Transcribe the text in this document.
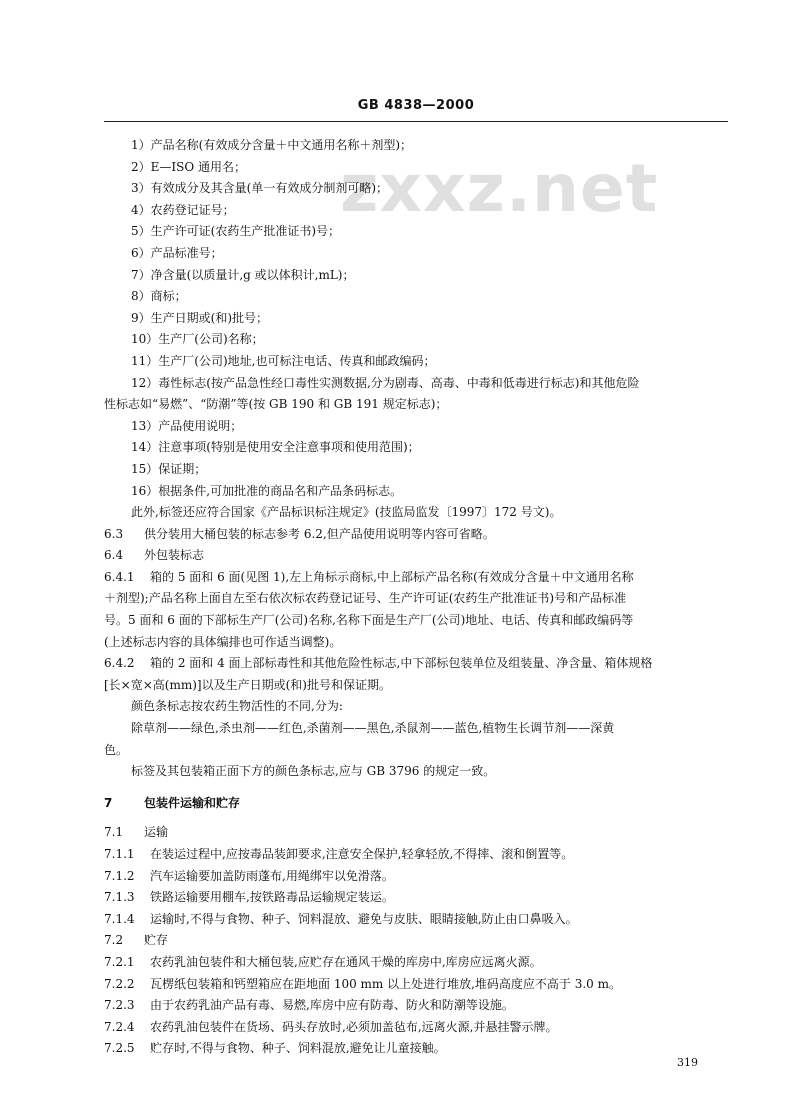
GB 4838—2000
zxxz.net
1）产品名称(有效成分含量＋中文通用名称＋剂型)；
2）E—ISO 通用名；
3）有效成分及其含量(单一有效成分制剂可略)；
4）农药登记证号；
5）生产许可证(农药生产批准证书)号；
6）产品标准号；
7）净含量(以质量计,g 或以体积计,mL)；
8）商标；
9）生产日期或(和)批号；
10）生产厂(公司)名称；
11）生产厂(公司)地址,也可标注电话、传真和邮政编码；
12）毒性标志(按产品急性经口毒性实测数据,分为剧毒、高毒、中毒和低毒进行标志)和其他危险
性标志如“易燃”、“防潮”等(按 GB 190 和 GB 191 规定标志)；
13）产品使用说明；
14）注意事项(特别是使用安全注意事项和使用范围)；
15）保证期；
16）根据条件,可加批准的商品名和产品条码标志。
此外,标签还应符合国家《产品标识标注规定》(技监局监发〔1997〕172 号文)。
6.3 供分装用大桶包装的标志参考 6.2,但产品使用说明等内容可省略。
6.4 外包装标志
6.4.1 箱的 5 面和 6 面(见图 1),左上角标示商标,中上部标产品名称(有效成分含量＋中文通用名称
＋剂型);产品名称上面自左至右依次标农药登记证号、生产许可证(农药生产批准证书)号和产品标准
号。5 面和 6 面的下部标生产厂(公司)名称,名称下面是生产厂(公司)地址、电话、传真和邮政编码等
(上述标志内容的具体编排也可作适当调整)。
6.4.2 箱的 2 面和 4 面上部标毒性和其他危险性标志,中下部标包装单位及组装量、净含量、箱体规格
[长×宽×高(mm)]以及生产日期或(和)批号和保证期。
颜色条标志按农药生物活性的不同,分为:
除草剂——绿色,杀虫剂——红色,杀菌剂——黑色,杀鼠剂——蓝色,植物生长调节剂——深黄
色。
标签及其包装箱正面下方的颜色条标志,应与 GB 3796 的规定一致。
7	包装件运输和贮存
7.1 运输
7.1.1 在装运过程中,应按毒品装卸要求,注意安全保护,轻拿轻放,不得摔、滚和倒置等。
7.1.2 汽车运输要加盖防雨蓬布,用绳绑牢以免滑落。
7.1.3 铁路运输要用棚车,按铁路毒品运输规定装运。
7.1.4 运输时,不得与食物、种子、饲料混放、避免与皮肤、眼睛接触,防止由口鼻吸入。
7.2 贮存
7.2.1 农药乳油包装件和大桶包装,应贮存在通风干燥的库房中,库房应远离火源。
7.2.2 瓦楞纸包装箱和钙塑箱应在距地面 100 mm 以上处进行堆放,堆码高度应不高于 3.0 m。
7.2.3 由于农药乳油产品有毒、易燃,库房中应有防毒、防火和防潮等设施。
7.2.4 农药乳油包装件在货场、码头存放时,必须加盖毡布,远离火源,并悬挂警示牌。
7.2.5 贮存时,不得与食物、种子、饲料混放,避免让儿童接触。
319
